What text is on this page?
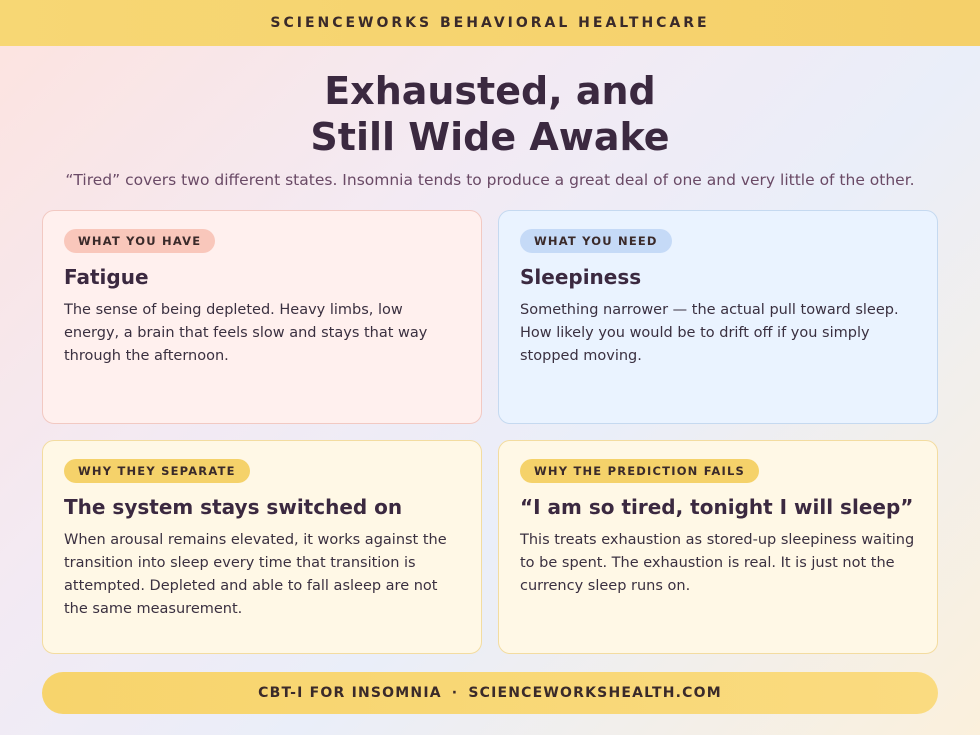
SCIENCEWORKS BEHAVIORAL HEALTHCARE
Exhausted, and
Still Wide Awake
“Tired” covers two different states. Insomnia tends to produce a great deal of one and very little of the other.
WHAT YOU HAVE
Fatigue

The sense of being depleted. Heavy limbs, low energy, a brain that feels slow and stays that way through the afternoon.

WHAT YOU NEED
Sleepiness

Something narrower — the actual pull toward sleep. How likely you would be to drift off if you simply stopped moving.

WHY THEY SEPARATE
The system stays switched on

When arousal remains elevated, it works against the transition into sleep every time that transition is attempted. Depleted and able to fall asleep are not the same measurement.

WHY THE PREDICTION FAILS
“I am so tired, tonight I will sleep”

This treats exhaustion as stored-up sleepiness waiting to be spent. The exhaustion is real. It is just not the currency sleep runs on.

CBT-I FOR INSOMNIA · SCIENCEWORKSHEALTH.COM
